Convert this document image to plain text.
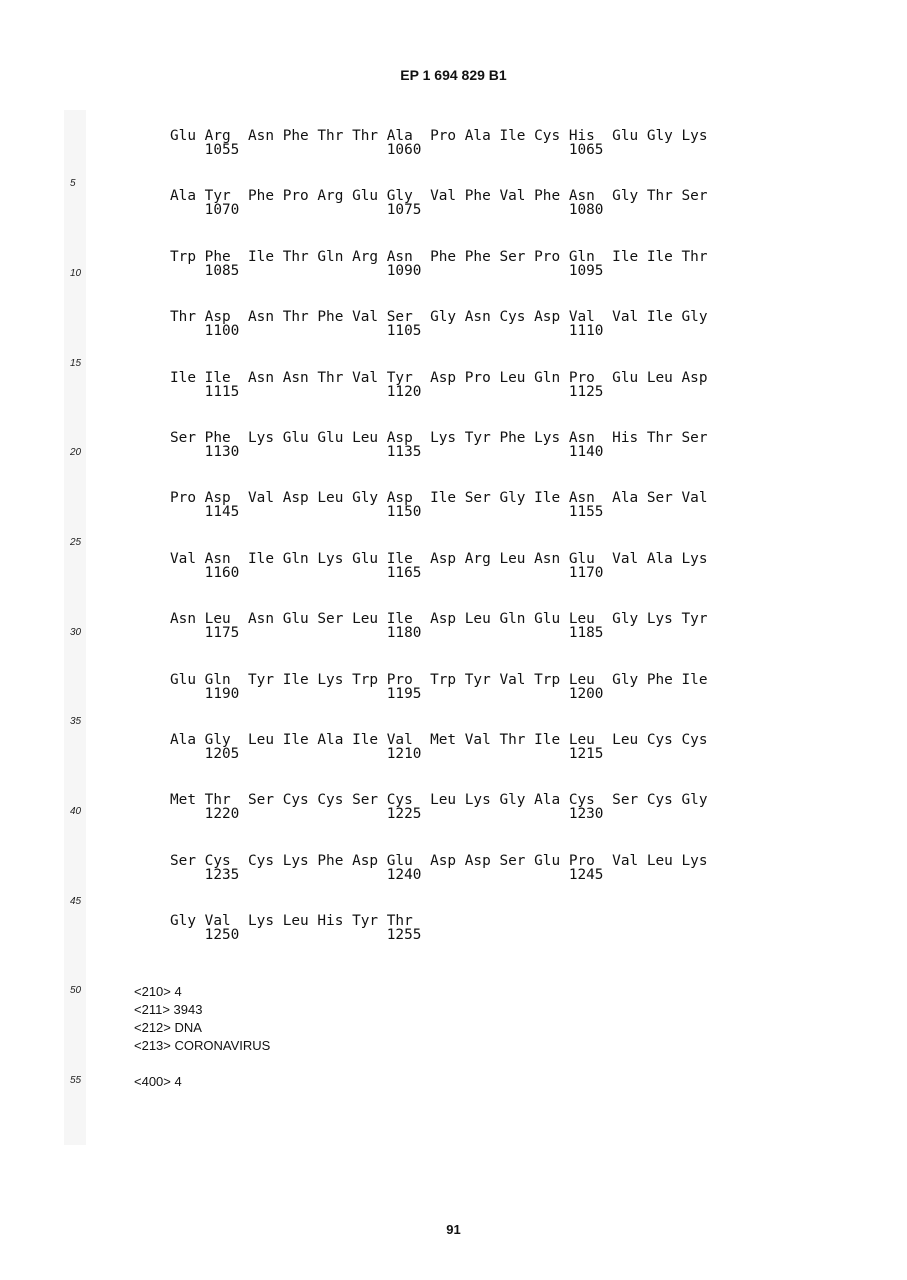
EP 1 694 829 B1
5
10
15
20
25
30
35
40
45
50
55
Glu Arg Asn Phe Thr Thr Ala Pro Ala Ile Cys His Glu Gly Lys
1055	1060	1065
Ala Tyr Phe Pro Arg Glu Gly Val Phe Val Phe Asn Gly Thr Ser
1070	1075	1080
Trp Phe Ile Thr Gln Arg Asn Phe Phe Ser Pro Gln Ile Ile Thr
1085	1090	1095
Thr Asp Asn Thr Phe Val Ser Gly Asn Cys Asp Val Val Ile Gly
1100	1105	1110
Ile Ile Asn Asn Thr Val Tyr Asp Pro Leu Gln Pro Glu Leu Asp
1115	1120	1125
Ser Phe Lys Glu Glu Leu Asp Lys Tyr Phe Lys Asn His Thr Ser
1130	1135	1140
Pro Asp Val Asp Leu Gly Asp Ile Ser Gly Ile Asn Ala Ser Val
1145	1150	1155
Val Asn Ile Gln Lys Glu Ile Asp Arg Leu Asn Glu Val Ala Lys
1160	1165	1170
Asn Leu Asn Glu Ser Leu Ile Asp Leu Gln Glu Leu Gly Lys Tyr
1175	1180	1185
Glu Gln Tyr Ile Lys Trp Pro Trp Tyr Val Trp Leu Gly Phe Ile
1190	1195	1200
Ala Gly Leu Ile Ala Ile Val Met Val Thr Ile Leu Leu Cys Cys
1205	1210	1215
Met Thr Ser Cys Cys Ser Cys Leu Lys Gly Ala Cys Ser Cys Gly
1220	1225	1230
Ser Cys Cys Lys Phe Asp Glu Asp Asp Ser Glu Pro Val Leu Lys
1235	1240	1245
Gly Val Lys Leu His Tyr Thr
1250	1255
<210> 4
<211> 3943
<212> DNA
<213> CORONAVIRUS
<400> 4
91
